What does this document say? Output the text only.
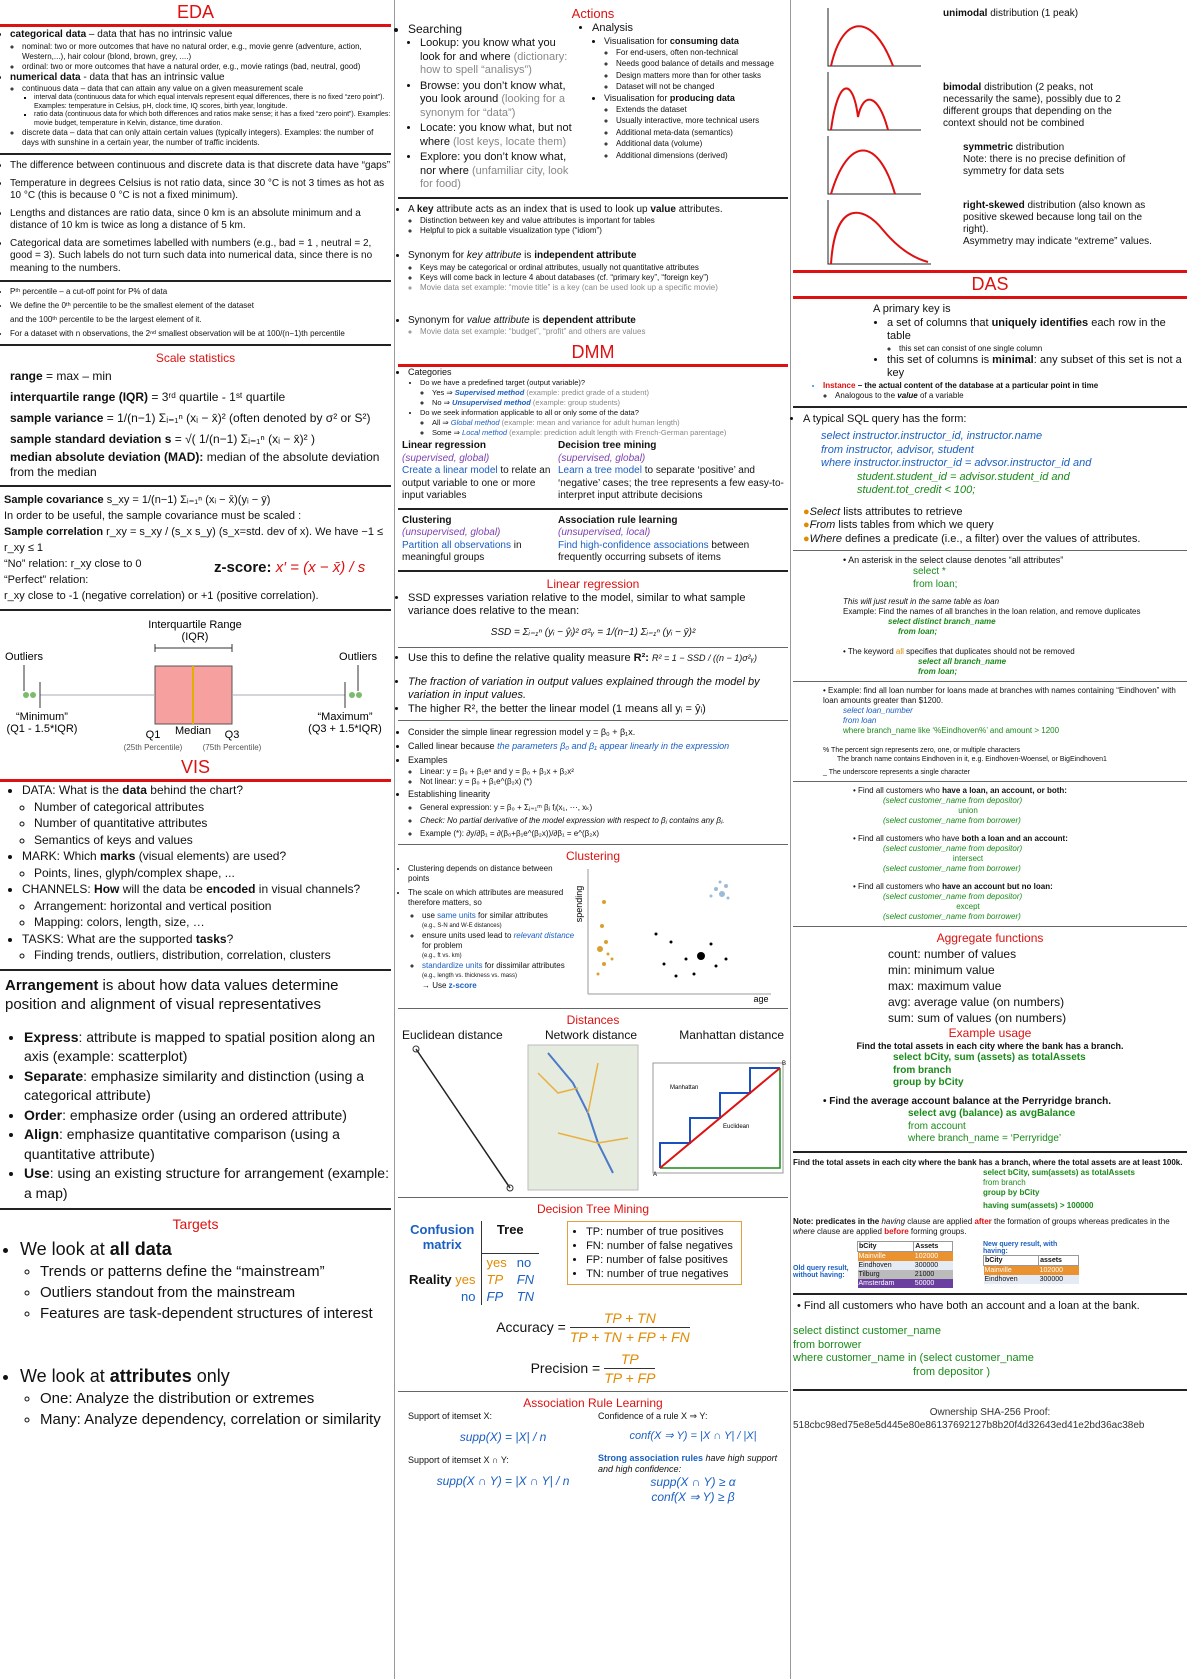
EDA
• categorical data – data that has no intrinsic value
◦ nominal: two or more outcomes that have no natural order, e.g., movie genre (adventure, action, Western,...), hair colour (blond, brown, grey, ....)
◦ ordinal: two or more outcomes that have a natural order, e.g., movie ratings (bad, neutral, good)
• numerical data - data that has an intrinsic value
◦ continuous data – data that can attain any value on a given measurement scale
▪ interval data (continuous data for which equal intervals represent equal differences, there is no fixed “zero point”). Examples: temperature in Celsius, pH, clock time, IQ scores, birth year, longitude.
▪ ratio data (continuous data for which both differences and ratios make sense; it has a fixed “zero point”). Examples: movie budget, temperature in Kelvin, distance, time duration.
◦ discrete data – data that can only attain certain values (typically integers). Examples: the number of days with sunshine in a certain year, the number of traffic incidents.
• The difference between continuous and discrete data is that discrete data have “gaps”
• Temperature in degrees Celsius is not ratio data, since 30 °C is not 3 times as hot as 10 °C (this is because 0 °C is not a fixed minimum).
• Lengths and distances are ratio data, since 0 km is an absolute minimum and a distance of 10 km is twice as long a distance of 5 km.
• Categorical data are sometimes labelled with numbers (e.g., bad = 1 , neutral = 2, good = 3). Such labels do not turn such data into numerical data, since there is no meaning to the numbers.
• Pᵗʰ percentile – a cut-off point for P% of data
• We define the 0ᵗʰ percentile to be the smallest element of the dataset
and the 100ᵗʰ percentile to be the largest element of it.
• For a dataset with n observations, the 2ⁿᵈ smallest observation will be at 100/(n−1)th percentile
Scale statistics
• range = max – min
• interquartile range (IQR) = 3ʳᵈ quartile - 1ˢᵗ quartile
• sample variance = 1/(n−1) Σᵢ₌₁ⁿ (xᵢ − x̄)² (often denoted by σ² or S²)
• sample standard deviation s = √( 1/(n−1) Σᵢ₌₁ⁿ (xᵢ − x̄)² )
• median absolute deviation (MAD): median of the absolute deviation from the median
Sample covariance s_xy = 1/(n−1) Σᵢ₌₁ⁿ (xᵢ − x̄)(yᵢ − ȳ)
In order to be useful, the sample covariance must be scaled :
Sample correlation r_xy = s_xy / (s_x s_y) (s_x=std. dev of x). We have −1 ≤ r_xy ≤ 1
“No” relation: r_xy close to 0
“Perfect” relation:
z-score: x′ = (x − x̄) / s
r_xy close to -1 (negative correlation) or +1 (positive correlation).
Interquartile Range
(IQR)
Outliers	Outliers
“Minimum”
(Q1 - 1.5*IQR)
“Maximum”
(Q3 + 1.5*IQR)
Q1 Median Q3
(25th Percentile)	(75th Percentile)
VIS
• DATA: What is the data behind the chart?
◦ Number of categorical attributes
◦ Number of quantitative attributes
◦ Semantics of keys and values
• MARK: Which marks (visual elements) are used?
◦ Points, lines, glyph/complex shape, ...
• CHANNELS: How will the data be encoded in visual channels?
◦ Arrangement: horizontal and vertical position
◦ Mapping: colors, length, size, …
• TASKS: What are the supported tasks?
◦ Finding trends, outliers, distribution, correlation, clusters
Arrangement is about how data values determine position and alignment of visual representatives
• Express: attribute is mapped to spatial position along an axis (example: scatterplot)
• Separate: emphasize similarity and distinction (using a categorical attribute)
• Order: emphasize order (using an ordered attribute)
• Align: emphasize quantitative comparison (using a quantitative attribute)
• Use: using an existing structure for arrangement (example: a map)
Targets
• We look at all data
◦ Trends or patterns define the “mainstream”
◦ Outliers standout from the mainstream
◦ Features are task-dependent structures of interest
• We look at attributes only
◦ One: Analyze the distribution or extremes
◦ Many: Analyze dependency, correlation or similarity
Actions
• Searching
• Lookup: you know what you look for and where (dictionary: how to spell “analisys”)
• Browse: you don’t know what, you look around (looking for a synonym for “data”)
• Locate: you know what, but not where (lost keys, locate them)
• Explore: you don’t know what, nor where (unfamiliar city, look for food)
• Analysis
• Visualisation for consuming data
◦ For end-users, often non-technical
◦ Needs good balance of details and message
◦ Design matters more than for other tasks
◦ Dataset will not be changed
• Visualisation for producing data
◦ Extends the dataset
◦ Usually interactive, more technical users
◦ Additional meta-data (semantics)
◦ Additional data (volume)
◦ Additional dimensions (derived)
• A key attribute acts as an index that is used to look up value attributes.
◦ Distinction between key and value attributes is important for tables
◦ Helpful to pick a suitable visualization type (“idiom”)
• Synonym for key attribute is independent attribute
◦ Keys may be categorical or ordinal attributes, usually not quantitative attributes
◦ Keys will come back in lecture 4 about databases (cf. “primary key”, “foreign key”)
◦ Movie data set example: “movie title” is a key (can be used look up a specific movie)
• Synonym for value attribute is dependent attribute
◦ Movie data set example: “budget”, “profit” and others are values
DMM
• Categories
• Do we have a predefined target (output variable)?
◦ Yes ⇒ Supervised method (example: predict grade of a student)
◦ No ⇒ Unsupervised method (example: group students)
• Do we seek information applicable to all or only some of the data?
◦ All ⇒ Global method (example: mean and variance for adult human length)
◦ Some ⇒ Local method (example: prediction adult length with French-German parentage)
Linear regression
(supervised, global)
Create a linear model to relate an output variable to one or more input variables
Decision tree mining
(supervised, global)
Learn a tree model to separate ‘positive’ and ‘negative’ cases; the tree represents a few easy-to-interpret input attribute decisions
Clustering
(unsupervised, global)
Partition all observations in meaningful groups
Association rule learning
(unsupervised, local)
Find high-confidence associations between frequently occurring subsets of items
Linear regression
• SSD expresses variation relative to the model, similar to what sample variance does relative to the mean:
SSD = Σᵢ₌₁ⁿ (yᵢ − ŷᵢ)² σ²ᵧ = 1/(n−1) Σᵢ₌₁ⁿ (yᵢ − ȳ)²
• Use this to define the relative quality measure R²: R² = 1 − SSD / ((n − 1)σ²ᵧ)
• The fraction of variation in output values explained through the model by variation in input values.
• The higher R², the better the linear model (1 means all yᵢ = ŷᵢ)
• Consider the simple linear regression model y = β₀ + β₁x.
• Called linear because the parameters β₀ and β₁ appear linearly in the expression
• Examples
◦ Linear: y = β₀ + β₁eˣ and y = β₀ + β₁x + β₂x²
◦ Not linear: y = β₀ + β₁e^(β₂x) (*)
• Establishing linearity
◦ General expression: y = β₀ + Σⱼ₌₁ᵐ βⱼ fⱼ(x₁, ⋯, xₖ)
◦ Check: No partial derivative of the model expression with respect to βⱼ contains any βⱼ.
◦ Example (*): ∂y/∂β₁ = ∂(β₀+β₁e^(β₂x))/∂β₁ = e^(β₂x)
Clustering
• Clustering depends on distance between points
• The scale on which attributes are measured therefore matters, so
◦ use same units for similar attributes
(e.g., S-N and W-E distances)
◦ ensure units used lead to relevant distance for problem
(e.g., ft vs. km)
◦ standardize units for dissimilar attributes
(e.g., length vs. thickness vs. mass)
→ Use z-score
spending
age
Distances
Euclidean distance	Network distance	Manhattan distance
Manhattan
Euclidean
A
B
Decision Tree Mining
Confusion
matrix	Tree	
	yes	no
Reality yes	TP	FN
no	FP	TN
• TP: number of true positives
• FN: number of false negatives
• FP: number of false positives
• TN: number of true negatives
Accuracy = $\frac{TP + TN}{TP + TN + FP + FN}$
Precision = $\frac{TP}{TP + FP}$
Association Rule Learning
Support of itemset X:
supp(X) = |X| / n
Support of itemset X ∩ Y:
supp(X ∩ Y) = |X ∩ Y| / n
Confidence of a rule X ⇒ Y:
conf(X ⇒ Y) = |X ∩ Y| / |X|
Strong association rules have high support and high confidence:
supp(X ∩ Y) ≥ α
conf(X ⇒ Y) ≥ β
unimodal distribution (1 peak)
bimodal distribution (2 peaks, not necessarily the same), possibly due to 2 different groups that depending on the context should not be combined
symmetric distribution
Note: there is no precise definition of symmetry for data sets
right-skewed distribution (also known as positive skewed because long tail on the right).
Asymmetry may indicate “extreme” values.
DAS
A primary key is
• a set of columns that uniquely identifies each row in the table
◦ this set can consist of one single column
• this set of columns is minimal: any subset of this set is not a key
• Instance – the actual content of the database at a particular point in time
◦ Analogous to the value of a variable
• A typical SQL query has the form:
select instructor.instructor_id, instructor.name
from instructor, advisor, student
where instructor.instructor_id = advsor.instructor_id and
student.student_id = advisor.student_id and
student.tot_credit < 100;
●Select lists attributes to retrieve
●From lists tables from which we query
●Where defines a predicate (i.e., a filter) over the values of attributes.
• An asterisk in the select clause denotes “all attributes”
select *
from loan;
This will just result in the same table as loan
Example: Find the names of all branches in the loan relation, and remove duplicates
select distinct branch_name
from loan;
• The keyword all specifies that duplicates should not be removed
select all branch_name
from loan;
• Example: find all loan number for loans made at branches with names containing “Eindhoven” with loan amounts greater than $1200.
select loan_number
from loan
where branch_name like ‘%Eindhoven%’ and amount > 1200
% The percent sign represents zero, one, or multiple characters
The branch name contains Eindhoven in it, e.g. Eindhoven-Woensel, or BigEindhoven1
_ The underscore represents a single character
• Find all customers who have a loan, an account, or both:
(select customer_name from depositor)
union
(select customer_name from borrower)
• Find all customers who have both a loan and an account:
(select customer_name from depositor)
intersect
(select customer_name from borrower)
• Find all customers who have an account but no loan:
(select customer_name from depositor)
except
(select customer_name from borrower)
Aggregate functions
count: number of values
min: minimum value
max: maximum value
avg: average value (on numbers)
sum: sum of values (on numbers)
Example usage
Find the total assets in each city where the bank has a branch.
select bCity, sum (assets) as totalAssets
from branch
group by bCity
• Find the average account balance at the Perryridge branch.
select avg (balance) as avgBalance
from account
where branch_name = ‘Perryridge’
Find the total assets in each city where the bank has a branch, where the total assets are at least 100k.
select bCity, sum(assets) as totalAssets
from branch
group by bCity
having sum(assets) > 100000
Note: predicates in the having clause are applied after the formation of groups whereas predicates in the where clause are applied before forming groups.
Old query result, without having:
bCity	Assets
Mainville	102000
Eindhoven	300000
Tilburg	21000
Amsterdam	50000
New query result, with having:
bCity	assets
Mainville	102000
Eindhoven	300000
• Find all customers who have both an account and a loan at the bank.
select distinct customer_name
from borrower
where customer_name in (select customer_name
from depositor )
Ownership SHA-256 Proof:
518cbc98ed75e8e5d445e80e86137692127b8b20f4d32643ed41e2bd36ac38eb
